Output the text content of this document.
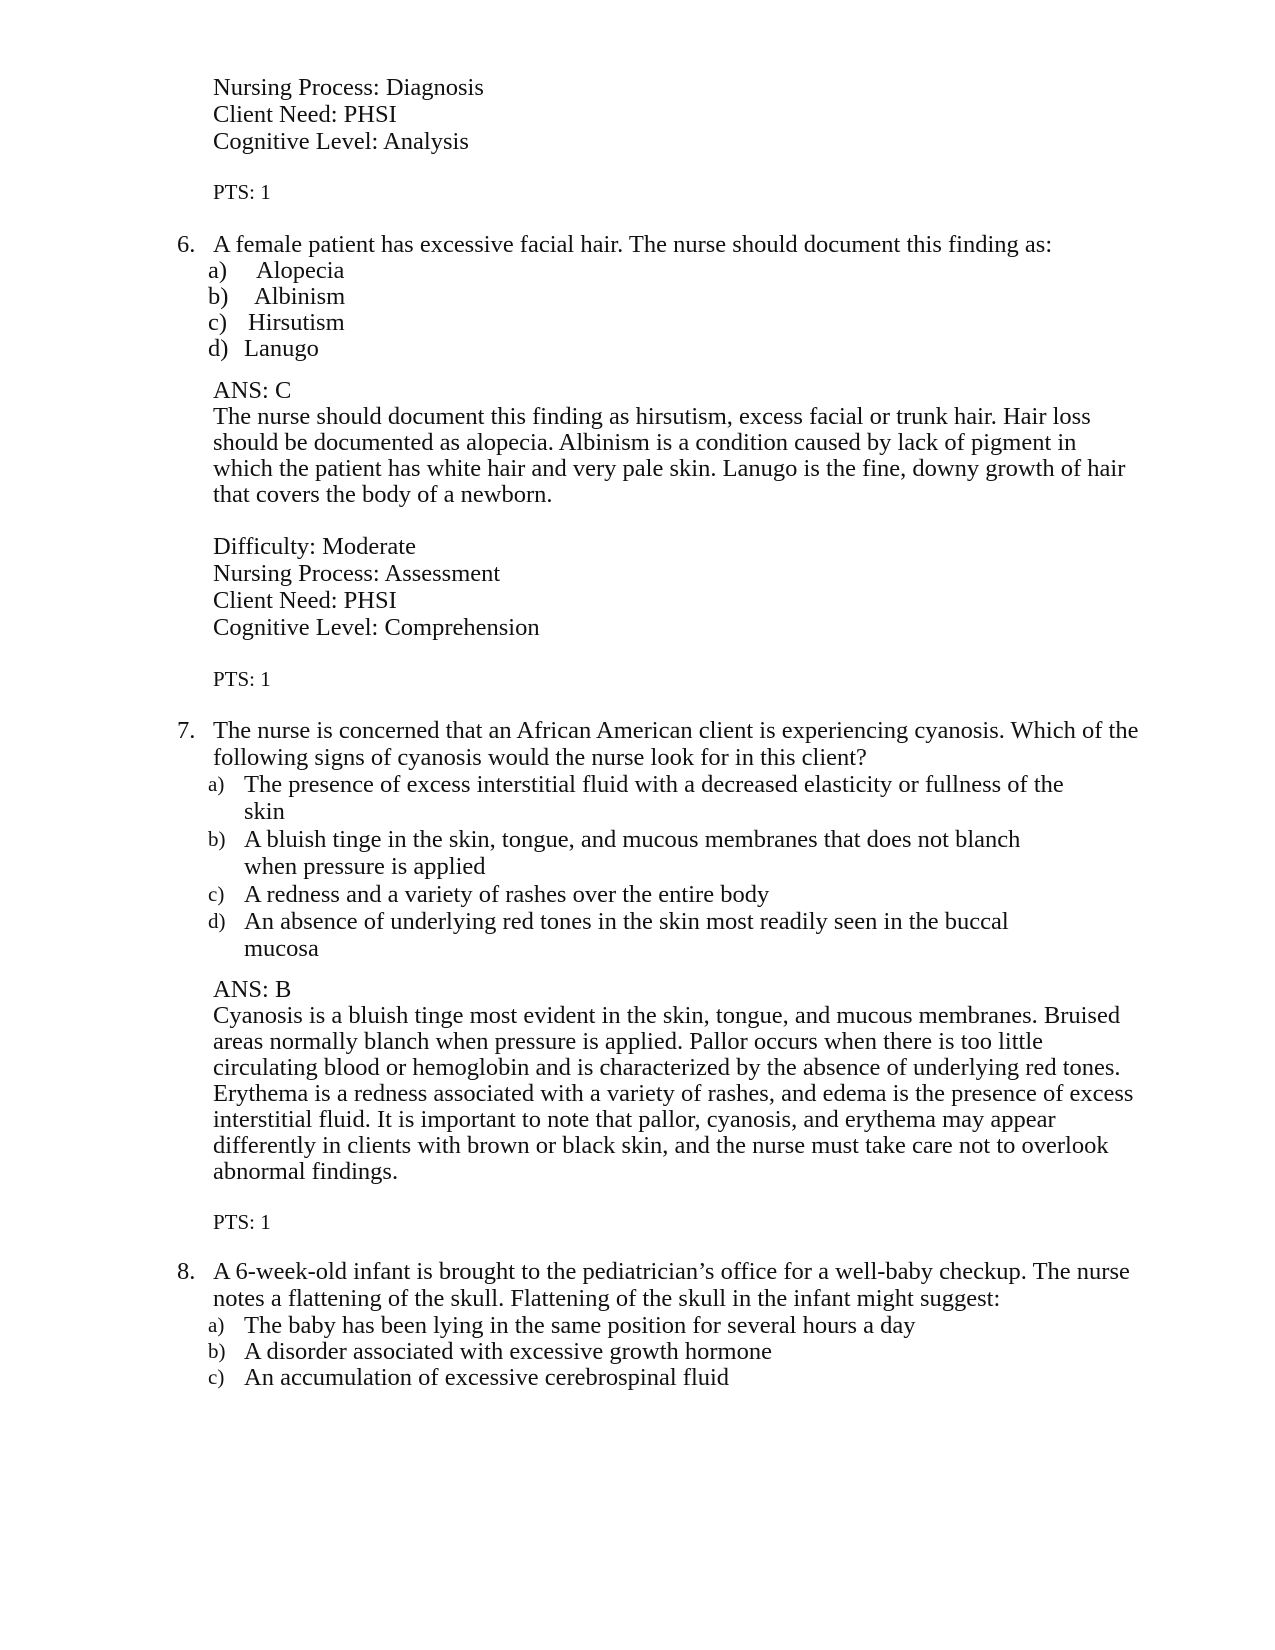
Nursing Process: Diagnosis
Client Need: PHSI
Cognitive Level: Analysis
PTS: 1
6. A female patient has excessive facial hair. The nurse should document this finding as:
a) Alopecia
b) Albinism
c) Hirsutism
d) Lanugo
ANS: C
The nurse should document this finding as hirsutism, excess facial or trunk hair. Hair loss
should be documented as alopecia. Albinism is a condition caused by lack of pigment in
which the patient has white hair and very pale skin. Lanugo is the fine, downy growth of hair
that covers the body of a newborn.
Difficulty: Moderate
Nursing Process: Assessment
Client Need: PHSI
Cognitive Level: Comprehension
PTS: 1
7. The nurse is concerned that an African American client is experiencing cyanosis. Which of the
following signs of cyanosis would the nurse look for in this client?
a) The presence of excess interstitial fluid with a decreased elasticity or fullness of the
skin
b) A bluish tinge in the skin, tongue, and mucous membranes that does not blanch
when pressure is applied
c) A redness and a variety of rashes over the entire body
d) An absence of underlying red tones in the skin most readily seen in the buccal
mucosa
ANS: B
Cyanosis is a bluish tinge most evident in the skin, tongue, and mucous membranes. Bruised
areas normally blanch when pressure is applied. Pallor occurs when there is too little
circulating blood or hemoglobin and is characterized by the absence of underlying red tones.
Erythema is a redness associated with a variety of rashes, and edema is the presence of excess
interstitial fluid. It is important to note that pallor, cyanosis, and erythema may appear
differently in clients with brown or black skin, and the nurse must take care not to overlook
abnormal findings.
PTS: 1
8. A 6-week-old infant is brought to the pediatrician’s office for a well-baby checkup. The nurse
notes a flattening of the skull. Flattening of the skull in the infant might suggest:
a) The baby has been lying in the same position for several hours a day
b) A disorder associated with excessive growth hormone
c) An accumulation of excessive cerebrospinal fluid
